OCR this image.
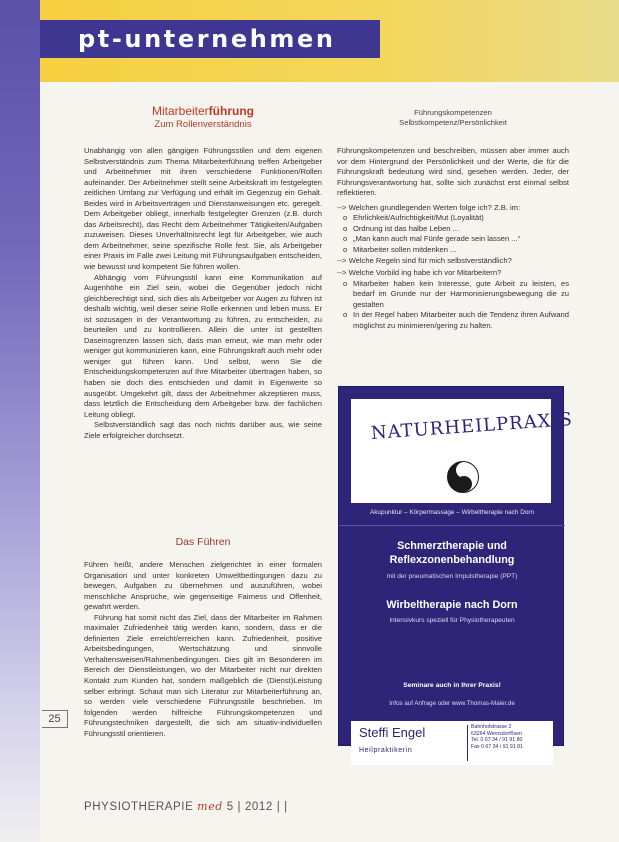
pt-unternehmen
25
Mitarbeiterführung
Zum Rollenverständnis

Unabhängig von allen gängigen Führungsstilen und dem eigenen Selbstverständnis zum Thema Mitarbeiterführung treffen Arbeitgeber und Arbeitnehmer mit ihren verschiedene Funktionen/Rollen aufeinander. Der Arbeitnehmer stellt seine Arbeitskraft im festgelegten zeitlichen Umfang zur Verfügung und erhält im Gegenzug ein Gehalt. Beides wird in Arbeitsverträgen und Dienstanweisungen etc. geregelt. Dem Arbeitgeber obliegt, innerhalb festgelegter Grenzen (z.B. durch das Arbeitsrecht), das Recht dem Arbeitnehmer Tätigkeiten/Aufgaben zuzuweisen. Dieses Unverhältnisrecht legt für Arbeitgeber, wie auch dem Arbeitnehmer, seine spezifische Rolle fest. Sie, als Arbeitgeber einer Praxis im Falle zwei Leitung mit Führungsaufgaben entscheiden, wie bewusst und kompetent Sie führen wollen.

Abhängig vom Führungsstil kann eine Kommunikation auf Augenhöhe ein Ziel sein, wobei die Gegenüber jedoch nicht gleichberechtigt sind, sich dies als Arbeitgeber vor Augen zu führen ist deshalb wichtig, weil dieser seine Rolle erkennen und leben muss. Er ist sozusagen in der Verantwortung zu führen, zu entscheiden, zu beurteilen und zu kontrollieren. Allein die unter ist gestellten Daseinsgrenzen lassen sich, dass man erneut, wie man mehr oder weniger gut kommunizieren kann, eine Führungskraft auch mehr oder weniger gut führen kann. Und selbst, wenn Sie die Entscheidungskompetenzen auf Ihre Mitarbeiter übertragen haben, so haben sie doch dies entschieden und damit in Eigenwerte so ausgeübt. Umgekehrt gilt, dass der Arbeitnehmer akzeptieren muss, dass letztlich die Entscheidung dem Arbeitgeber bzw. der fachlichen Leitung obliegt.

Selbstverständlich sagt das noch nichts darüber aus, wie seine Ziele erfolgreicher durchsetzt.

Das Führen

Führen heißt, andere Menschen zielgerichtet in einer formalen Organisation und unter konkreten Umweltbedingungen dazu zu bewegen, Aufgaben zu übernehmen und auszuführen, wobei menschliche Ansprüche, wie gegenseitige Fairness und Offenheit, gewahrt werden.

Führung hat somit nicht das Ziel, dass der Mitarbeiter im Rahmen maximaler Zufriedenheit tätig werden kann, sondern, dass er die definierten Ziele erreicht/erreichen kann. Zufriedenheit, positive Arbeitsbedingungen, Wertschätzung und sinnvolle Verhaltensweisen/Rahmenbedingungen. Dies gilt im Besonderen im Bereich der Dienstleistungen, wo der Mitarbeiter nicht nur direkten Kontakt zum Kunden hat, sondern maßgeblich die (Dienst)Leistung selber erbringt. Schaut man sich Literatur zur Mitarbeiterführung an, so werden viele verschiedene Führungsstile beschrieben. Im folgenden werden hilfreiche Führungskompetenzen und Führungstechniken dargestellt, die sich am situativ-individuellen Führungsstil orientieren.

Führungskompetenzen
Selbstkompetenz/Persönlichkeit

Führungskompetenzen und beschreiben, müssen aber immer auch vor dem Hintergrund der Persönlichkeit und der Werte, die für die Führungskraft bedeutung wird sind, gesehen werden. Jeder, der Führungsverantwortung hat, sollte sich zunächst erst einmal selbst reflektieren.

--> Welchen grundlegenden Werten folge ich? Z.B. im:
o Ehrlichkeit/Aufrichtigkeit/Mut (Loyalität)
o Ordnung ist das halbe Leben ...
o „Man kann auch mal Fünfe gerade sein lassen ...“
o Mitarbeiter sollen mitdenken ...
--> Welche Regeln sind für mich selbstverständlich?
--> Welche Vorbild ing habe ich vor Mitarbeitern?
o Mitarbeiter haben kein Interesse, gute Arbeit zu leisten, es bedarf im Grunde nur der Harmonisierungsbewegung die zu gestalten
o In der Regel haben Mitarbeiter auch die Tendenz ihren Aufwand möglichst zu minimieren/gering zu halten.
NATURHEILPRAXIS
Akupunktur – Körpermassage – Wirbeltherapie nach Dorn
Schmerztherapie und Reflexzonenbehandlung
mit der pneumatischen Impulstherapie (PPT)
Wirbeltherapie nach Dorn
Intensivkurs speziell für Physiotherapeuten
Seminare auch in Ihrer Praxis!
Infos auf Anfrage oder www.Thomas-Maier.de
Steffi Engel
Heilpraktikerin
Bahnhofstrasse 2
63264 Wernsdorf/Isen
Tel. 0 67 34 / 91 91 80
Fax 0 67 34 / 91 91 81
PHYSIOTHERAPIE med 5 | 2012 | |
